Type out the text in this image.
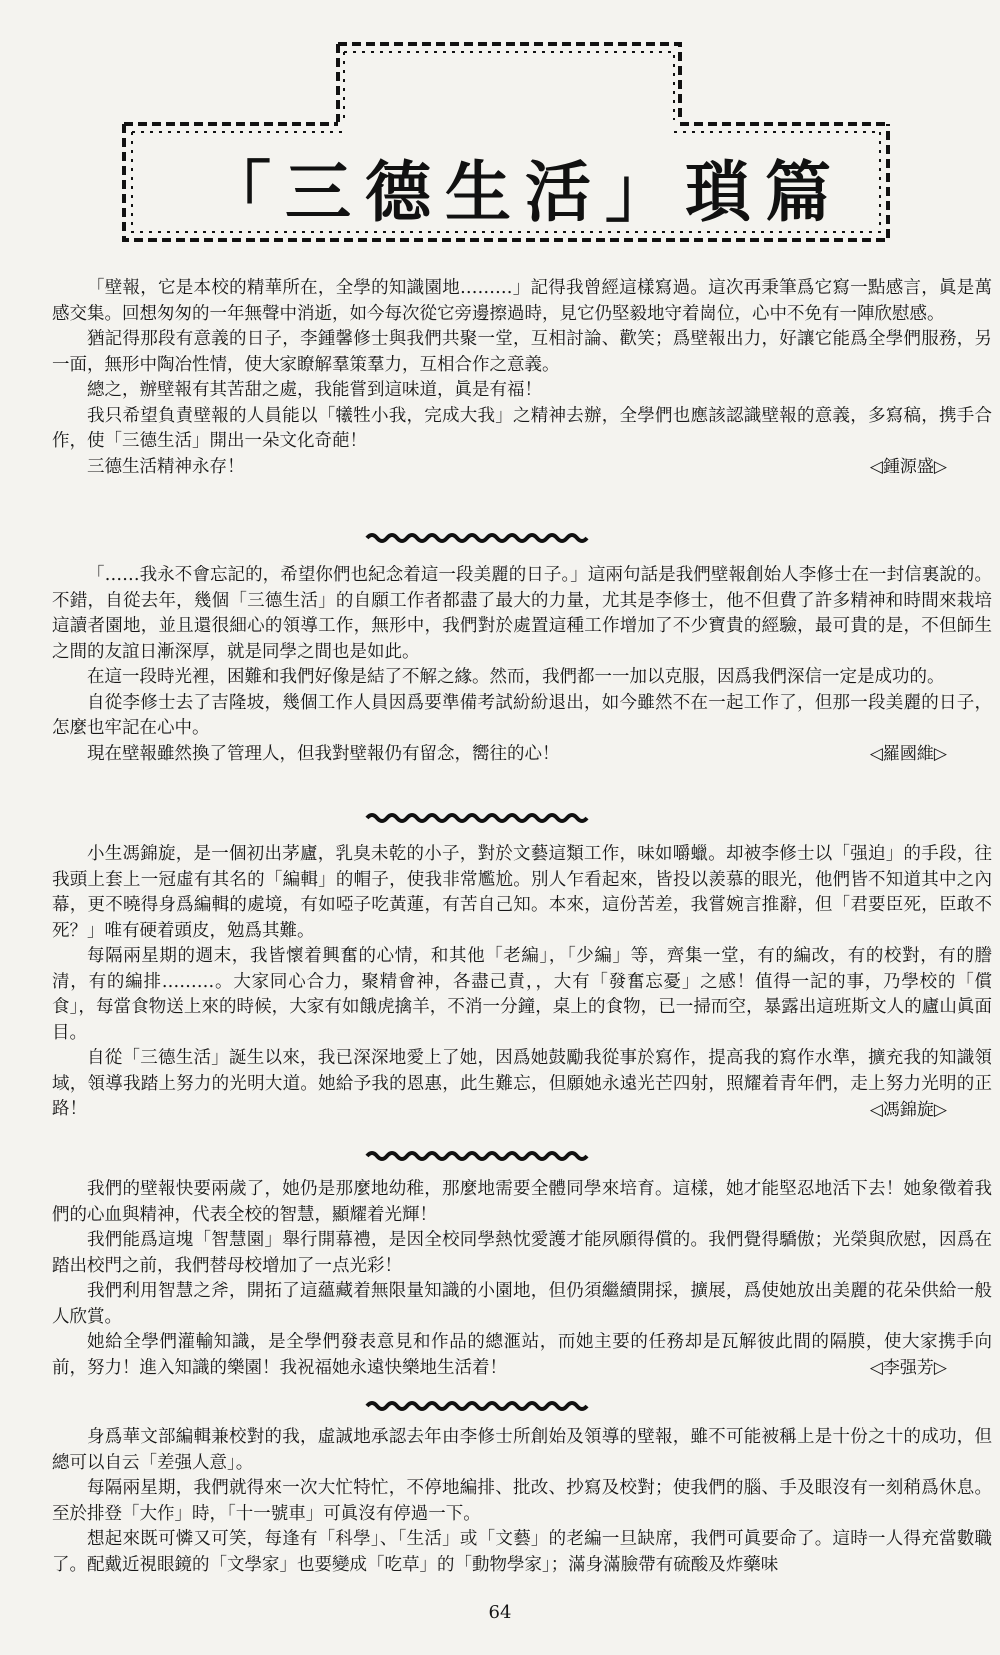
「三德生活」瑣篇

「壁報，它是本校的精華所在，全學的知識園地………」記得我曾經這樣寫過。這次再秉筆爲它寫一點感言，眞是萬感交集。回想匆匆的一年無聲中消逝，如今每次從它旁邊擦過時，見它仍堅毅地守着崗位，心中不免有一陣欣慰感。

猶記得那段有意義的日子，李鍾馨修士與我們共聚一堂，互相討論、歡笑；爲壁報出力，好讓它能爲全學們服務，另一面，無形中陶冶性情，使大家瞭解羣策羣力，互相合作之意義。

總之，辦壁報有其苦甜之處，我能嘗到這味道，眞是有福！

我只希望負責壁報的人員能以「犧牲小我，完成大我」之精神去辦，全學們也應該認識壁報的意義，多寫稿，携手合作，使「三德生活」開出一朵文化奇葩！

三德生活精神永存！	◁鍾源盛▷

「……我永不會忘記的，希望你們也紀念着這一段美麗的日子。」這兩句話是我們壁報創始人李修士在一封信裏說的。不錯，自從去年，幾個「三德生活」的自願工作者都盡了最大的力量，尤其是李修士，他不但費了許多精神和時間來栽培這讀者園地，並且還很細心的領導工作，無形中，我們對於處置這種工作增加了不少寶貴的經驗，最可貴的是，不但師生之間的友誼日漸深厚，就是同學之間也是如此。

在這一段時光裡，困難和我們好像是結了不解之緣。然而，我們都一一加以克服，因爲我們深信一定是成功的。

自從李修士去了吉隆坡，幾個工作人員因爲要準備考試紛紛退出，如今雖然不在一起工作了，但那一段美麗的日子，怎麼也牢記在心中。

現在壁報雖然換了管理人，但我對壁報仍有留念，嚮往的心！	◁羅國維▷

小生馮錦旋，是一個初出茅廬，乳臭未乾的小子，對於文藝這類工作，味如嚼蠟。却被李修士以「强迫」的手段，往我頭上套上一冠虛有其名的「編輯」的帽子，使我非常尷尬。別人乍看起來，皆投以羨慕的眼光，他們皆不知道其中之內幕，更不曉得身爲編輯的處境，有如啞子吃黃蓮，有苦自己知。本來，這份苦差，我嘗婉言推辭，但「君要臣死，臣敢不死？」唯有硬着頭皮，勉爲其難。

每隔兩星期的週末，我皆懷着興奮的心情，和其他「老編」，「少編」等，齊集一堂，有的編改，有的校對，有的謄清，有的編排………。大家同心合力，聚精會神，各盡己責，，大有「發奮忘憂」之感！值得一記的事，乃學校的「償食」，每當食物送上來的時候，大家有如餓虎擒羊，不消一分鐘，桌上的食物，已一掃而空，暴露出這班斯文人的廬山眞面目。

自從「三德生活」誕生以來，我已深深地愛上了她，因爲她鼓勵我從事於寫作，提高我的寫作水準，擴充我的知識領域，領導我踏上努力的光明大道。她給予我的恩惠，此生難忘，但願她永遠光芒四射，照耀着青年們，走上努力光明的正路！	◁馮錦旋▷

我們的壁報快要兩歲了，她仍是那麼地幼稚，那麼地需要全體同學來培育。這樣，她才能堅忍地活下去！她象徵着我們的心血與精神，代表全校的智慧，顯耀着光輝！

我們能爲這塊「智慧園」舉行開幕禮，是因全校同學熱忱愛護才能夙願得償的。我們覺得驕傲；光榮與欣慰，因爲在踏出校門之前，我們替母校增加了一点光彩！

我們利用智慧之斧，開拓了這蘊藏着無限量知識的小園地，但仍須繼續開採，擴展，爲使她放出美麗的花朵供給一般人欣賞。

她給全學們灌輸知識，是全學們發表意見和作品的總滙站，而她主要的任務却是瓦解彼此間的隔膜，使大家携手向前，努力！進入知識的樂園！我祝福她永遠快樂地生活着！	◁李强芳▷

身爲華文部編輯兼校對的我，虛誠地承認去年由李修士所創始及領導的壁報，雖不可能被稱上是十份之十的成功，但總可以自云「差强人意」。

每隔兩星期，我們就得來一次大忙特忙，不停地編排、批改、抄寫及校對；使我們的腦、手及眼沒有一刻稍爲休息。至於排登「大作」時，「十一號車」可眞沒有停過一下。

想起來既可憐又可笑，每逢有「科學」、「生活」或「文藝」的老編一旦缺席，我們可眞要命了。這時一人得充當數職了。配戴近視眼鏡的「文學家」也要變成「吃草」的「動物學家」；滿身滿臉帶有硫酸及炸藥味

64
